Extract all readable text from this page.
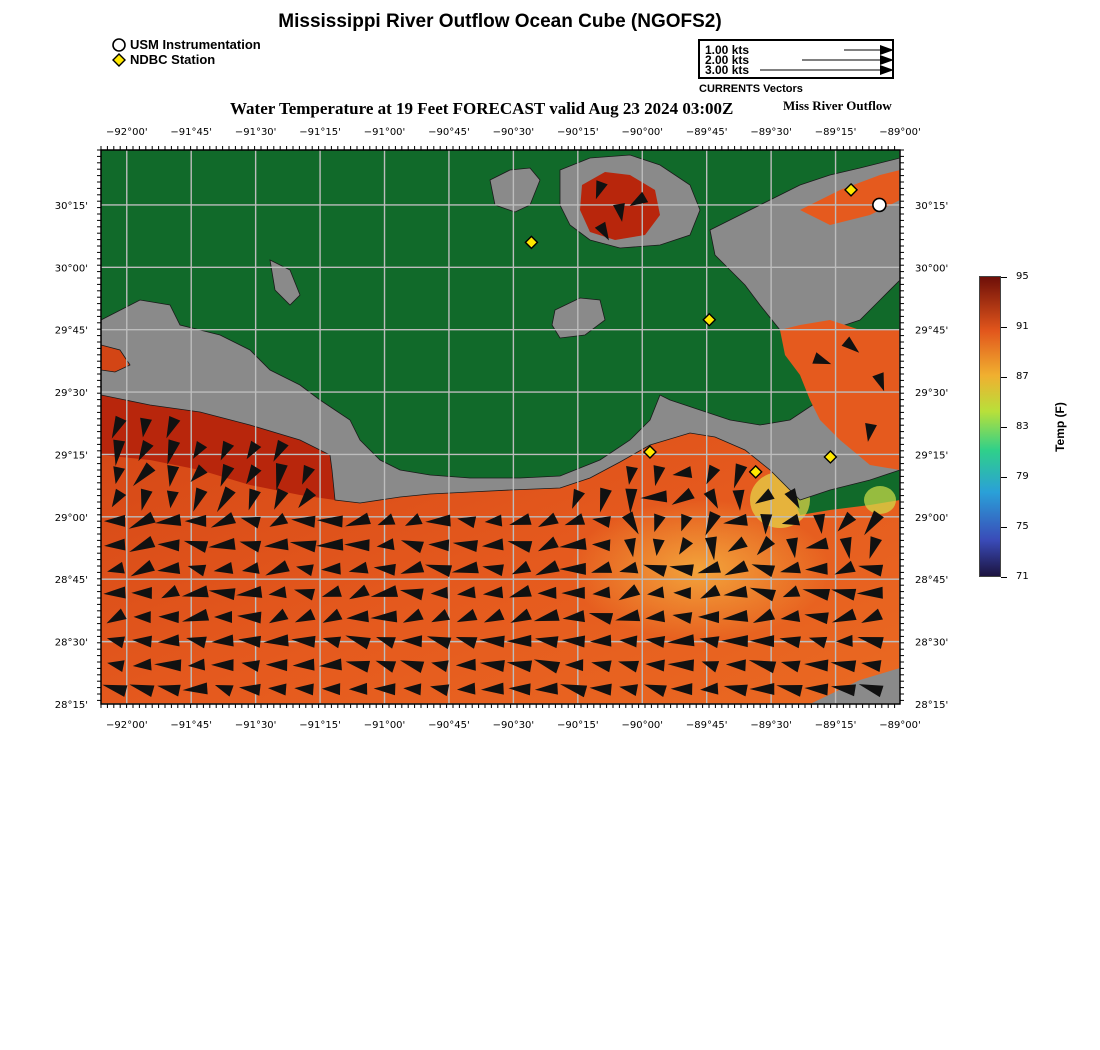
Mississippi River Outflow Ocean Cube (NGOFS2)
USM Instrumentation
NDBC Station
1.00 kts
2.00 kts
3.00 kts
CURRENTS Vectors
Water Temperature at 19 Feet FORECAST valid Aug 23 2024 03:00Z	Miss River Outflow
−92°00' −91°45' −91°30' −91°15' −91°00' −90°45' −90°30' −90°15' −90°00' −89°45' −89°30' −89°15' −89°00'
−92°00' −91°45' −91°30' −91°15' −91°00' −90°45' −90°30' −90°15' −90°00' −89°45' −89°30' −89°15' −89°00'
30°15'
30°00'
29°45'
29°30'
29°15'
29°00'
28°45'
28°30'
28°15'
30°15'
30°00'
29°45'
29°30'
29°15'
29°00'
28°45'
28°30'
28°15'
95
91
87
83
79
75
71
Temp (F)
